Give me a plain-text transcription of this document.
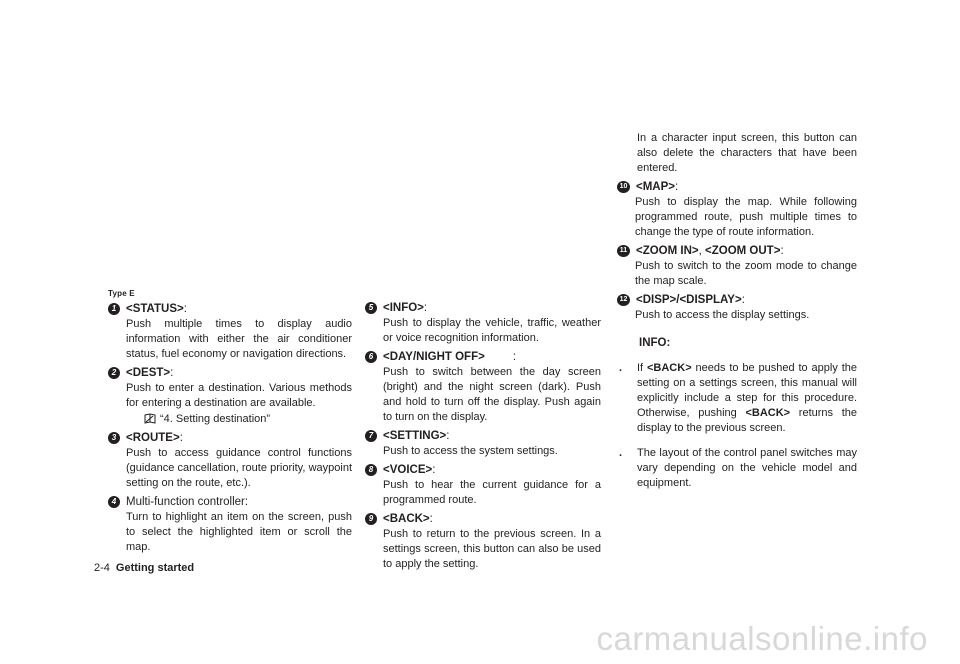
Type E
1 <STATUS> :
Push multiple times to display audio information with either the air conditioner status, fuel economy or navigation directions.
2 <DEST> :
Push to enter a destination. Various methods for entering a destination are available.
“4. Setting destination”
3 <ROUTE> :
Push to access guidance control functions (guidance cancellation, route priority, waypoint setting on the route, etc.).
4 Multi-function controller:
Turn to highlight an item on the screen, push to select the highlighted item or scroll the map.
5 <INFO> :
Push to display the vehicle, traffic, weather or voice recognition information.
6 <DAY/NIGHT OFF> :
Push to switch between the day screen (bright) and the night screen (dark). Push and hold to turn off the display. Push again to turn on the display.
7 <SETTING> :
Push to access the system settings.
8 <VOICE> :
Push to hear the current guidance for a programmed route.
9 <BACK> :
Push to return to the previous screen. In a settings screen, this button can also be used to apply the setting.
In a character input screen, this button can also delete the characters that have been entered.
10 <MAP> :
Push to display the map. While following programmed route, push multiple times to change the type of route information.
11 <ZOOM IN> ,
<ZOOM OUT> :
Push to switch to the zoom mode to change the map scale.
12 <DISP>/<DISPLAY> :
Push to access the display settings.
INFO:
. If <BACK> needs to be pushed to apply the setting on a settings screen, this manual will explicitly include a step for this procedure. Otherwise, pushing <BACK> returns the display to the previous screen.
. The layout of the control panel switches may vary depending on the vehicle model and equipment.
2-4 Getting started
carmanualsonline.info
